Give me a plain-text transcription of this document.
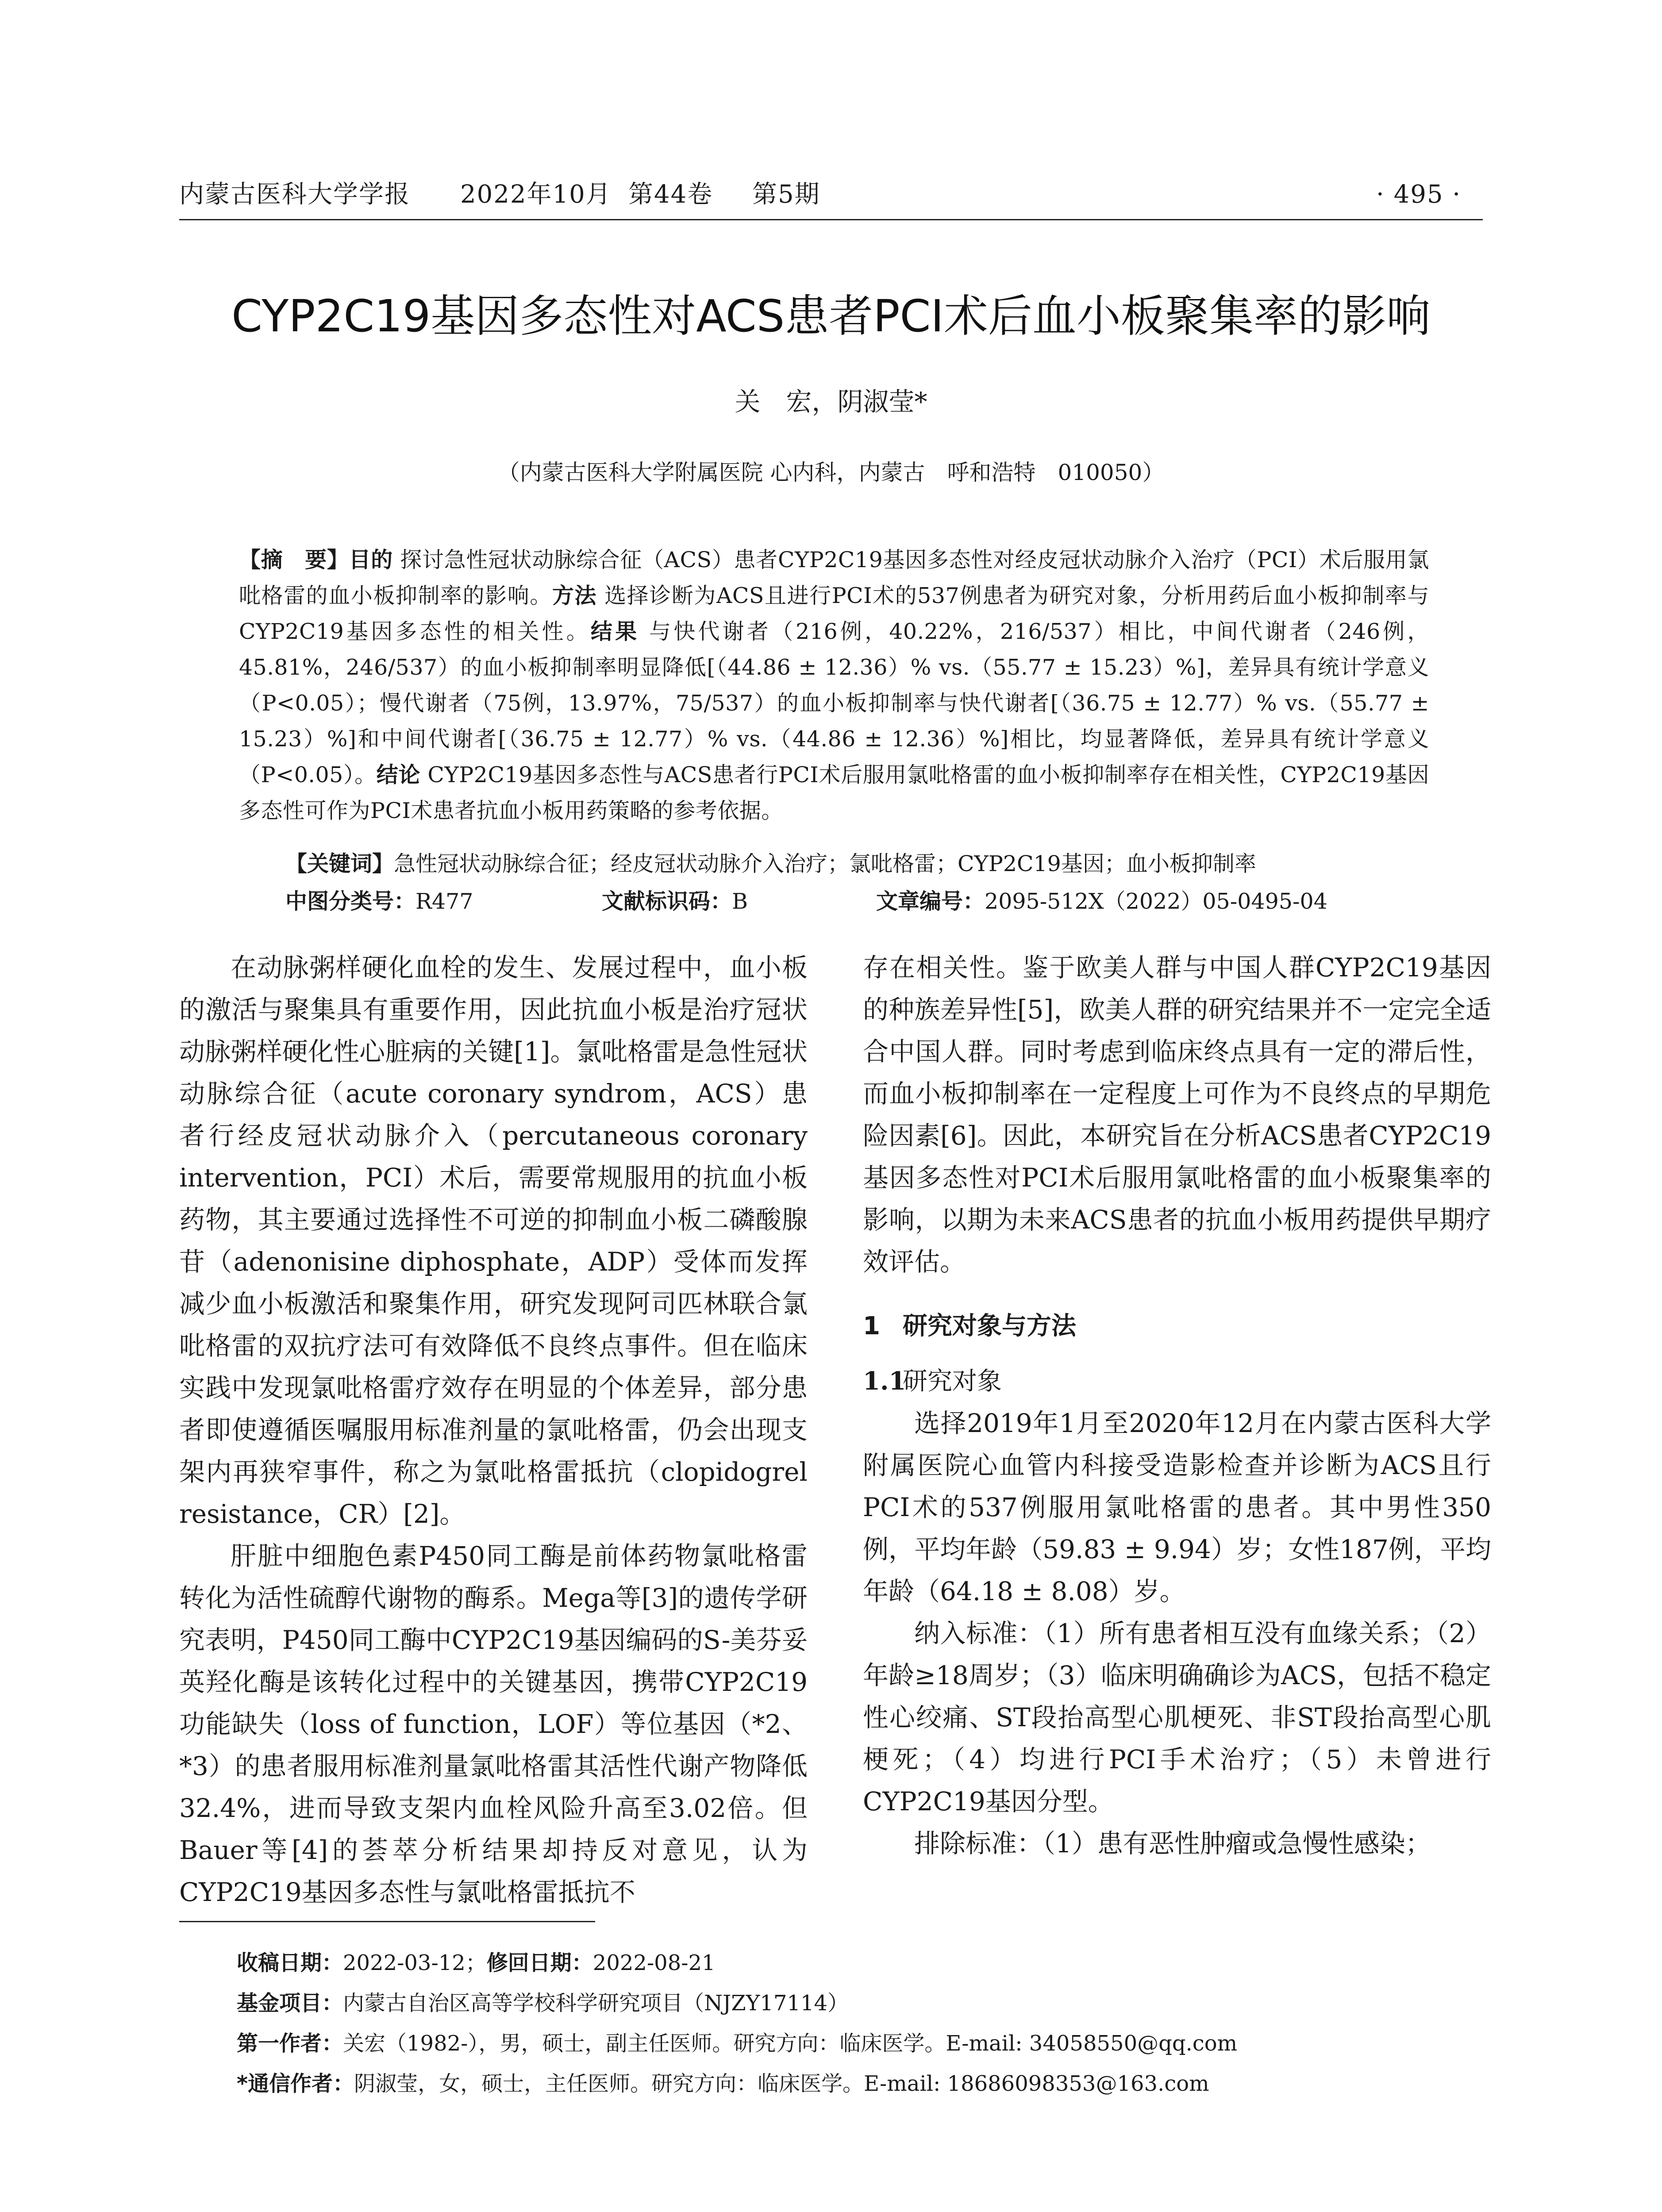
内蒙古医科大学学报 2022年10月 第44卷 第5期	· 495 ·
CYP2C19基因多态性对ACS患者PCI术后血小板聚集率的影响
关　宏，阴淑莹*
（内蒙古医科大学附属医院 心内科，内蒙古　呼和浩特　010050）
【摘　要】目的 探讨急性冠状动脉综合征（ACS）患者CYP2C19基因多态性对经皮冠状动脉介入治疗（PCI）术后服用氯吡格雷的血小板抑制率的影响。方法 选择诊断为ACS且进行PCI术的537例患者为研究对象，分析用药后血小板抑制率与CYP2C19基因多态性的相关性。结果 与快代谢者（216例，40.22%，216/537）相比，中间代谢者（246例，45.81%，246/537）的血小板抑制率明显降低[（44.86 ± 12.36）% vs.（55.77 ± 15.23）%]，差异具有统计学意义（P<0.05）；慢代谢者（75例，13.97%，75/537）的血小板抑制率与快代谢者[（36.75 ± 12.77）% vs.（55.77 ± 15.23）%]和中间代谢者[（36.75 ± 12.77）% vs.（44.86 ± 12.36）%]相比，均显著降低，差异具有统计学意义（P<0.05）。结论 CYP2C19基因多态性与ACS患者行PCI术后服用氯吡格雷的血小板抑制率存在相关性，CYP2C19基因多态性可作为PCI术患者抗血小板用药策略的参考依据。
【关键词】急性冠状动脉综合征；经皮冠状动脉介入治疗；氯吡格雷；CYP2C19基因；血小板抑制率
中图分类号：R477	文献标识码：B	文章编号：2095-512X（2022）05-0495-04

在动脉粥样硬化血栓的发生、发展过程中，血小板的激活与聚集具有重要作用，因此抗血小板是治疗冠状动脉粥样硬化性心脏病的关键[1]。氯吡格雷是急性冠状动脉综合征（acute coronary syndrom，ACS）患者行经皮冠状动脉介入（percutaneous coronary intervention，PCI）术后，需要常规服用的抗血小板药物，其主要通过选择性不可逆的抑制血小板二磷酸腺苷（adenonisine diphosphate，ADP）受体而发挥减少血小板激活和聚集作用，研究发现阿司匹林联合氯吡格雷的双抗疗法可有效降低不良终点事件。但在临床实践中发现氯吡格雷疗效存在明显的个体差异，部分患者即使遵循医嘱服用标准剂量的氯吡格雷，仍会出现支架内再狭窄事件，称之为氯吡格雷抵抗（clopidogrel resistance，CR）[2]。

肝脏中细胞色素P450同工酶是前体药物氯吡格雷转化为活性硫醇代谢物的酶系。Mega等[3]的遗传学研究表明，P450同工酶中CYP2C19基因编码的S-美芬妥英羟化酶是该转化过程中的关键基因，携带CYP2C19功能缺失（loss of function，LOF）等位基因（*2、*3）的患者服用标准剂量氯吡格雷其活性代谢产物降低32.4%，进而导致支架内血栓风险升高至3.02倍。但Bauer等[4]的荟萃分析结果却持反对意见，认为CYP2C19基因多态性与氯吡格雷抵抗不

存在相关性。鉴于欧美人群与中国人群CYP2C19基因的种族差异性[5]，欧美人群的研究结果并不一定完全适合中国人群。同时考虑到临床终点具有一定的滞后性，而血小板抑制率在一定程度上可作为不良终点的早期危险因素[6]。因此，本研究旨在分析ACS患者CYP2C19基因多态性对PCI术后服用氯吡格雷的血小板聚集率的影响，以期为未来ACS患者的抗血小板用药提供早期疗效评估。

1 研究对象与方法
1.1研究对象

选择2019年1月至2020年12月在内蒙古医科大学附属医院心血管内科接受造影检查并诊断为ACS且行PCI术的537例服用氯吡格雷的患者。其中男性350例，平均年龄（59.83 ± 9.94）岁；女性187例，平均年龄（64.18 ± 8.08）岁。

纳入标准：（1）所有患者相互没有血缘关系；（2）年龄≥18周岁；（3）临床明确确诊为ACS，包括不稳定性心绞痛、ST段抬高型心肌梗死、非ST段抬高型心肌梗死；（4）均进行PCI手术治疗；（5）未曾进行CYP2C19基因分型。

排除标准：（1）患有恶性肿瘤或急慢性感染；

收稿日期：2022-03-12；修回日期：2022-08-21
基金项目：内蒙古自治区高等学校科学研究项目（NJZY17114）
第一作者：关宏（1982-），男，硕士，副主任医师。研究方向：临床医学。E-mail: 34058550@qq.com
*通信作者：阴淑莹，女，硕士，主任医师。研究方向：临床医学。E-mail: 18686098353@163.com
